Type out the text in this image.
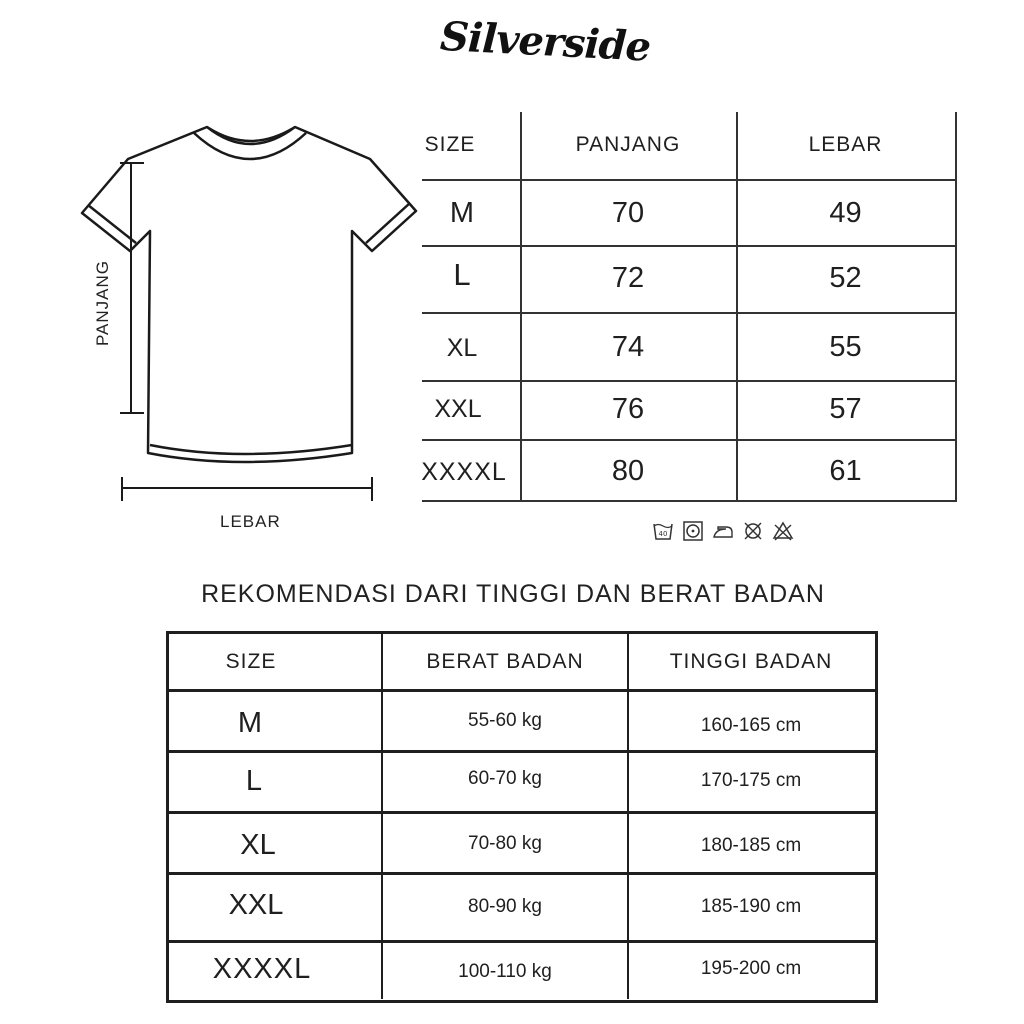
Silverside
PANJANG
LEBAR
SIZE	PANJANG	LEBAR
M	70	49
L	72	52
XL	74	55
XXL	76	57
XXXXL	80	61
40
REKOMENDASI DARI TINGGI DAN BERAT BADAN
SIZE	BERAT BADAN	TINGGI BADAN
M	55-60 kg	160-165 cm
L	60-70 kg	170-175 cm
XL	70-80 kg	180-185 cm
XXL	80-90 kg	185-190 cm
XXXXL	100-110 kg	195-200 cm
